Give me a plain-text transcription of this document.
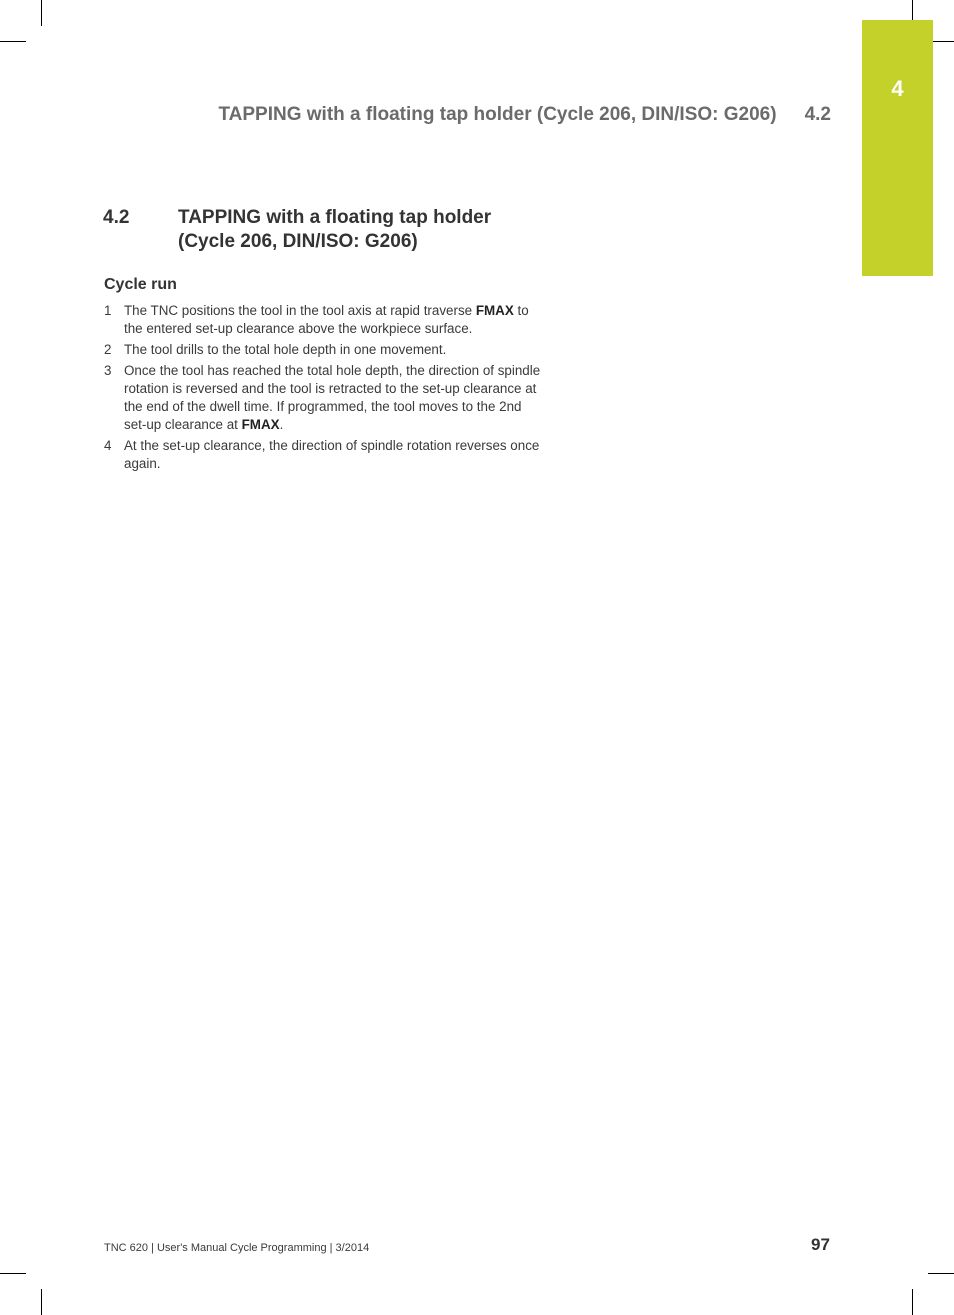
4
TAPPING with a floating tap holder (Cycle 206, DIN/ISO: G206) 4.2
4.2	TAPPING with a floating tap holder
(Cycle 206, DIN/ISO: G206)
Cycle run
1 The TNC positions the tool in the tool axis at rapid traverse FMAX to the entered set-up clearance above the workpiece surface.
2 The tool drills to the total hole depth in one movement.
3 Once the tool has reached the total hole depth, the direction of spindle rotation is reversed and the tool is retracted to the set-up clearance at the end of the dwell time. If programmed, the tool moves to the 2nd set-up clearance at FMAX.
4 At the set-up clearance, the direction of spindle rotation reverses once again.
TNC 620 | User's Manual Cycle Programming | 3/2014	97
